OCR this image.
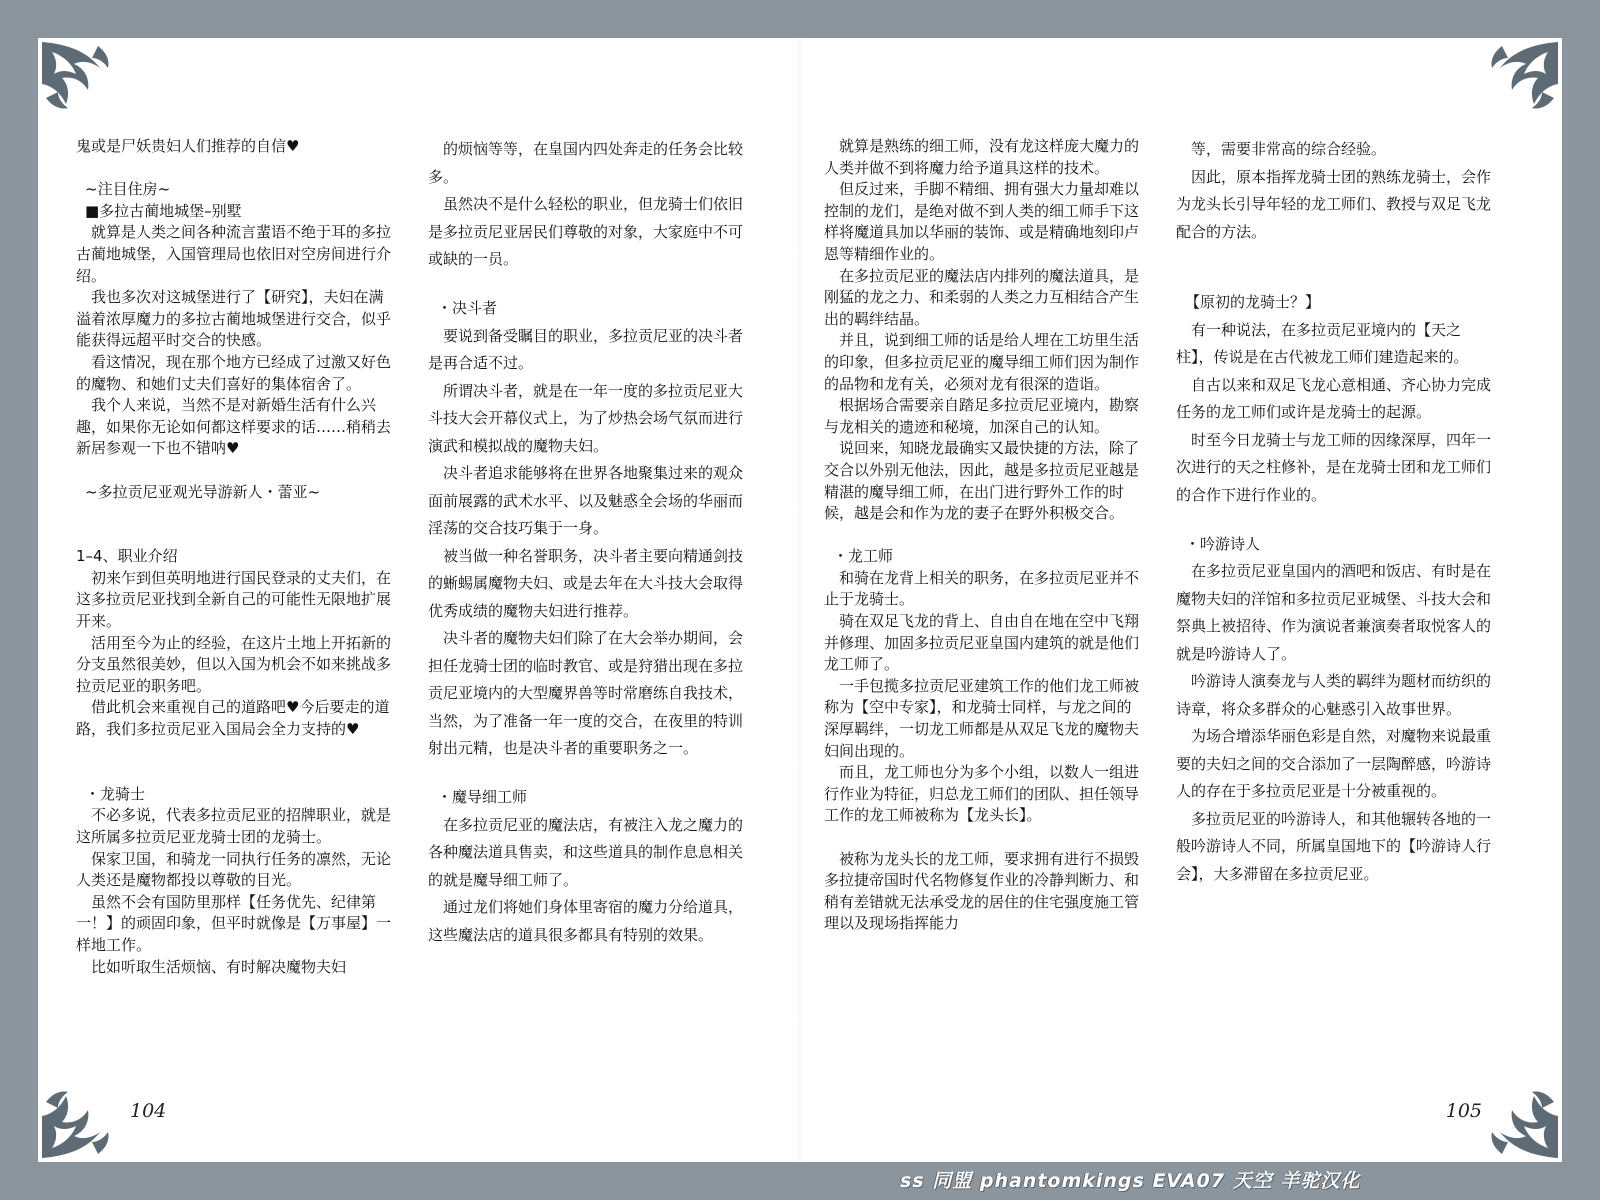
鬼或是尸妖贵妇人们推荐的自信♥

~注目住房~

■多拉古蔺地城堡–别墅

就算是人类之间各种流言蜚语不绝于耳的多拉古蔺地城堡，入国管理局也依旧对空房间进行介绍。

我也多次对这城堡进行了【研究】，夫妇在满溢着浓厚魔力的多拉古蔺地城堡进行交合，似乎能获得远超平时交合的快感。

看这情况，现在那个地方已经成了过激又好色的魔物、和她们丈夫们喜好的集体宿舍了。

我个人来说，当然不是对新婚生活有什么兴趣，如果你无论如何都这样要求的话……稍稍去新居参观一下也不错呐♥

~多拉贡尼亚观光导游新人・蕾亚~

1–4、职业介绍

初来乍到但英明地进行国民登录的丈夫们，在这多拉贡尼亚找到全新自己的可能性无限地扩展开来。

活用至今为止的经验，在这片土地上开拓新的分支虽然很美妙，但以入国为机会不如来挑战多拉贡尼亚的职务吧。

借此机会来重视自己的道路吧♥今后要走的道路，我们多拉贡尼亚入国局会全力支持的♥

・龙骑士

不必多说，代表多拉贡尼亚的招牌职业，就是这所属多拉贡尼亚龙骑士团的龙骑士。

保家卫国，和骑龙一同执行任务的凛然，无论人类还是魔物都投以尊敬的目光。

虽然不会有国防里那样【任务优先、纪律第一！】的顽固印象，但平时就像是【万事屋】一样地工作。

比如听取生活烦恼、有时解决魔物夫妇

的烦恼等等，在皇国内四处奔走的任务会比较多。

虽然决不是什么轻松的职业，但龙骑士们依旧是多拉贡尼亚居民们尊敬的对象，大家庭中不可或缺的一员。

・决斗者

要说到备受瞩目的职业，多拉贡尼亚的决斗者是再合适不过。

所谓决斗者，就是在一年一度的多拉贡尼亚大斗技大会开幕仪式上，为了炒热会场气氛而进行演武和模拟战的魔物夫妇。

决斗者追求能够将在世界各地聚集过来的观众面前展露的武术水平、以及魅惑全会场的华丽而淫荡的交合技巧集于一身。

被当做一种名誉职务，决斗者主要向精通剑技的蜥蜴属魔物夫妇、或是去年在大斗技大会取得优秀成绩的魔物夫妇进行推荐。

决斗者的魔物夫妇们除了在大会举办期间，会担任龙骑士团的临时教官、或是狩猎出现在多拉贡尼亚境内的大型魔界兽等时常磨练自我技术，当然，为了准备一年一度的交合，在夜里的特训射出元精，也是决斗者的重要职务之一。

・魔导细工师

在多拉贡尼亚的魔法店，有被注入龙之魔力的各种魔法道具售卖，和这些道具的制作息息相关的就是魔导细工师了。

通过龙们将她们身体里寄宿的魔力分给道具，这些魔法店的道具很多都具有特别的效果。

104

就算是熟练的细工师，没有龙这样庞大魔力的人类并做不到将魔力给予道具这样的技术。

但反过来，手脚不精细、拥有强大力量却难以控制的龙们，是绝对做不到人类的细工师手下这样将魔道具加以华丽的装饰、或是精确地刻印卢恩等精细作业的。

在多拉贡尼亚的魔法店内排列的魔法道具，是刚猛的龙之力、和柔弱的人类之力互相结合产生出的羁绊结晶。

并且，说到细工师的话是给人埋在工坊里生活的印象，但多拉贡尼亚的魔导细工师们因为制作的品物和龙有关，必须对龙有很深的造诣。

根据场合需要亲自踏足多拉贡尼亚境内，勘察与龙相关的遗迹和秘境，加深自己的认知。

说回来，知晓龙最确实又最快捷的方法，除了交合以外别无他法，因此，越是多拉贡尼亚越是精湛的魔导细工师，在出门进行野外工作的时候，越是会和作为龙的妻子在野外积极交合。

・龙工师

和骑在龙背上相关的职务，在多拉贡尼亚并不止于龙骑士。

骑在双足飞龙的背上、自由自在地在空中飞翔并修理、加固多拉贡尼亚皇国内建筑的就是他们龙工师了。

一手包揽多拉贡尼亚建筑工作的他们龙工师被称为【空中专家】，和龙骑士同样，与龙之间的深厚羁绊，一切龙工师都是从双足飞龙的魔物夫妇间出现的。

而且，龙工师也分为多个小组，以数人一组进行作业为特征，归总龙工师们的团队、担任领导工作的龙工师被称为【龙头长】。

被称为龙头长的龙工师，要求拥有进行不损毁多拉捷帝国时代名物修复作业的冷静判断力、和稍有差错就无法承受龙的居住的住宅强度施工管理以及现场指挥能力

等，需要非常高的综合经验。

因此，原本指挥龙骑士团的熟练龙骑士，会作为龙头长引导年轻的龙工师们、教授与双足飞龙配合的方法。

【原初的龙骑士？】

有一种说法，在多拉贡尼亚境内的【天之柱】，传说是在古代被龙工师们建造起来的。

自古以来和双足飞龙心意相通、齐心协力完成任务的龙工师们或许是龙骑士的起源。

时至今日龙骑士与龙工师的因缘深厚，四年一次进行的天之柱修补，是在龙骑士团和龙工师们的合作下进行作业的。

・吟游诗人

在多拉贡尼亚皇国内的酒吧和饭店、有时是在魔物夫妇的洋馆和多拉贡尼亚城堡、斗技大会和祭典上被招待、作为演说者兼演奏者取悦客人的就是吟游诗人了。

吟游诗人演奏龙与人类的羁绊为题材而纺织的诗章，将众多群众的心魅惑引入故事世界。

为场合增添华丽色彩是自然，对魔物来说最重要的夫妇之间的交合添加了一层陶醉感，吟游诗人的存在于多拉贡尼亚是十分被重视的。

多拉贡尼亚的吟游诗人，和其他辗转各地的一般吟游诗人不同，所属皇国地下的【吟游诗人行会】，大多滞留在多拉贡尼亚。

105
ss 同盟 phantomkings EVA07 天空 羊驼汉化
